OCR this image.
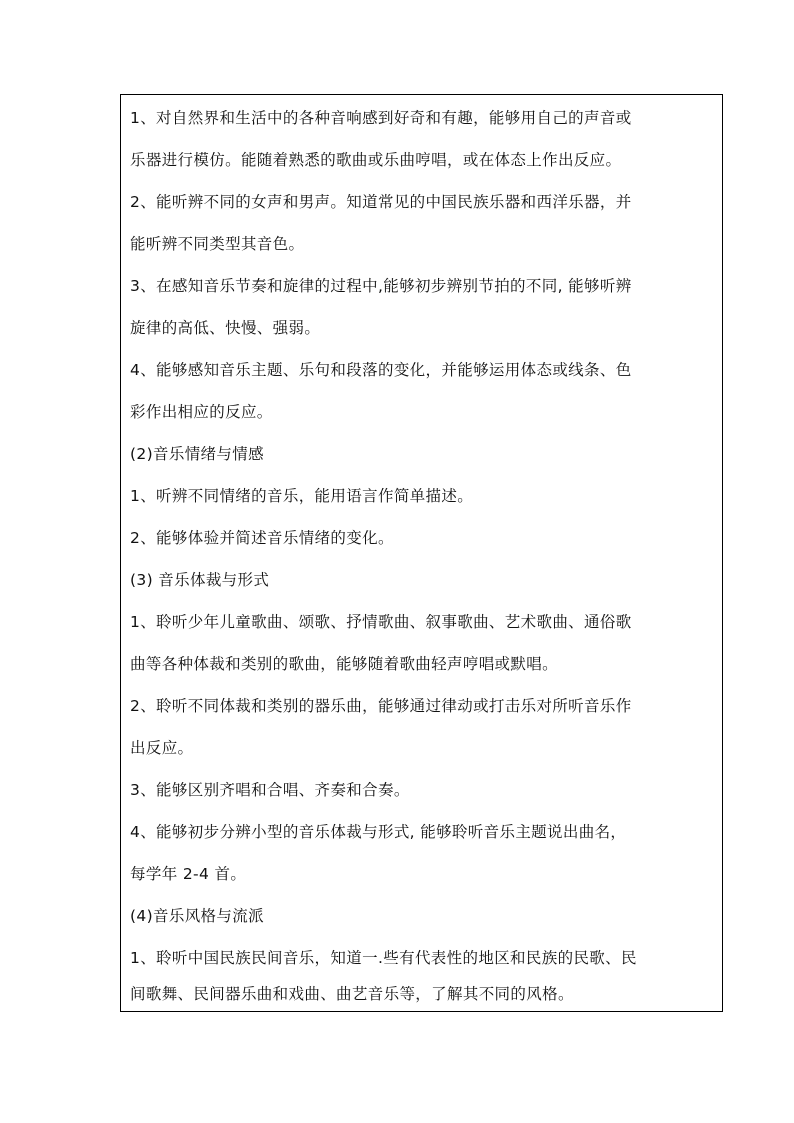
1、对自然界和生活中的各种音响感到好奇和有趣，能够用自己的声音或
乐器进行模仿。能随着熟悉的歌曲或乐曲哼唱，或在体态上作出反应。
2、能听辨不同的女声和男声。知道常见的中国民族乐器和西洋乐器，并
能听辨不同类型其音色。
3、在感知音乐节奏和旋律的过程中,能够初步辨别节拍的不同, 能够听辨
旋律的高低、快慢、强弱。
4、能够感知音乐主题、乐句和段落的变化，并能够运用体态或线条、色
彩作出相应的反应。
(2)音乐情绪与情感
1、听辨不同情绪的音乐，能用语言作简单描述。
2、能够体验并简述音乐情绪的变化。
(3) 音乐体裁与形式
1、聆听少年儿童歌曲、颂歌、抒情歌曲、叙事歌曲、艺术歌曲、通俗歌
曲等各种体裁和类别的歌曲，能够随着歌曲轻声哼唱或默唱。
2、聆听不同体裁和类别的器乐曲，能够通过律动或打击乐对所听音乐作
出反应。
3、能够区别齐唱和合唱、齐奏和合奏。
4、能够初步分辨小型的音乐体裁与形式, 能够聆听音乐主题说出曲名，
每学年 2-4 首。
(4)音乐风格与流派
1、聆听中国民族民间音乐，知道一.些有代表性的地区和民族的民歌、民
间歌舞、民间器乐曲和戏曲、曲艺音乐等，了解其不同的风格。
